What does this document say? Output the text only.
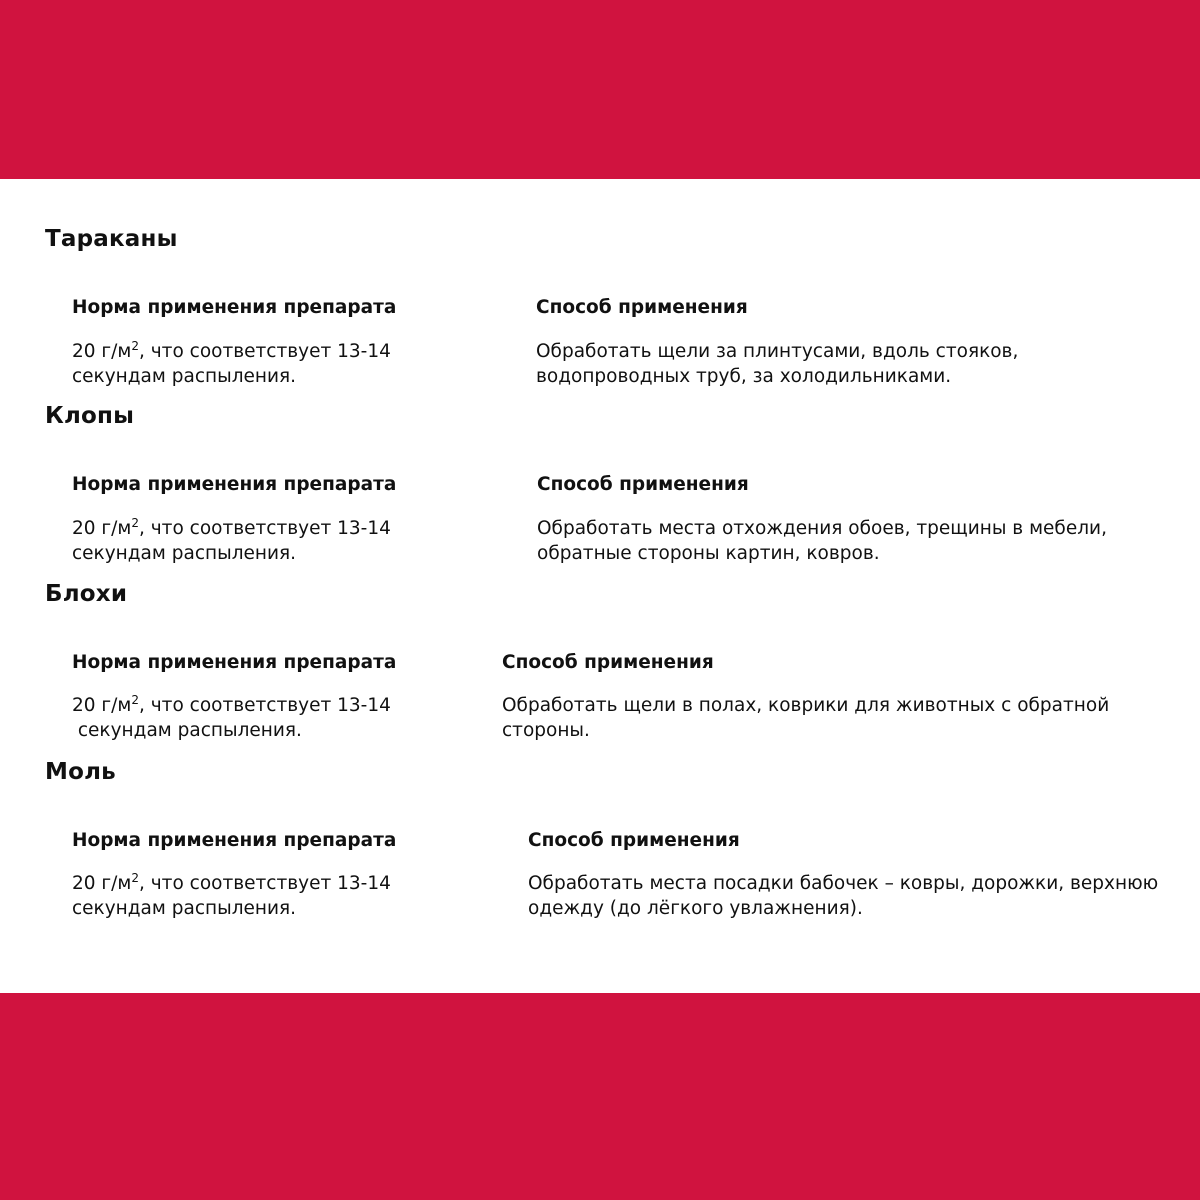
Тараканы
Норма применения препарата

20 $г/м^2$, что соответствует 13-14
секундам распыления.

Способ применения

Обработать щели за плинтусами, вдоль стояков,
водопроводных труб, за холодильниками.

Клопы
Норма применения препарата

20 $г/м^2$, что соответствует 13-14
секундам распыления.

Способ применения

Обработать места отхождения обоев, трещины в мебели,
обратные стороны картин, ковров.

Блохи
Норма применения препарата

20 $г/м^2$, что соответствует 13-14
секундам распыления.

Способ применения

Обработать щели в полах, коврики для животных с обратной
стороны.

Моль
Норма применения препарата

20 $г/м^2$, что соответствует 13-14
секундам распыления.

Способ применения

Обработать места посадки бабочек – ковры, дорожки, верхнюю
одежду (до лёгкого увлажнения).
